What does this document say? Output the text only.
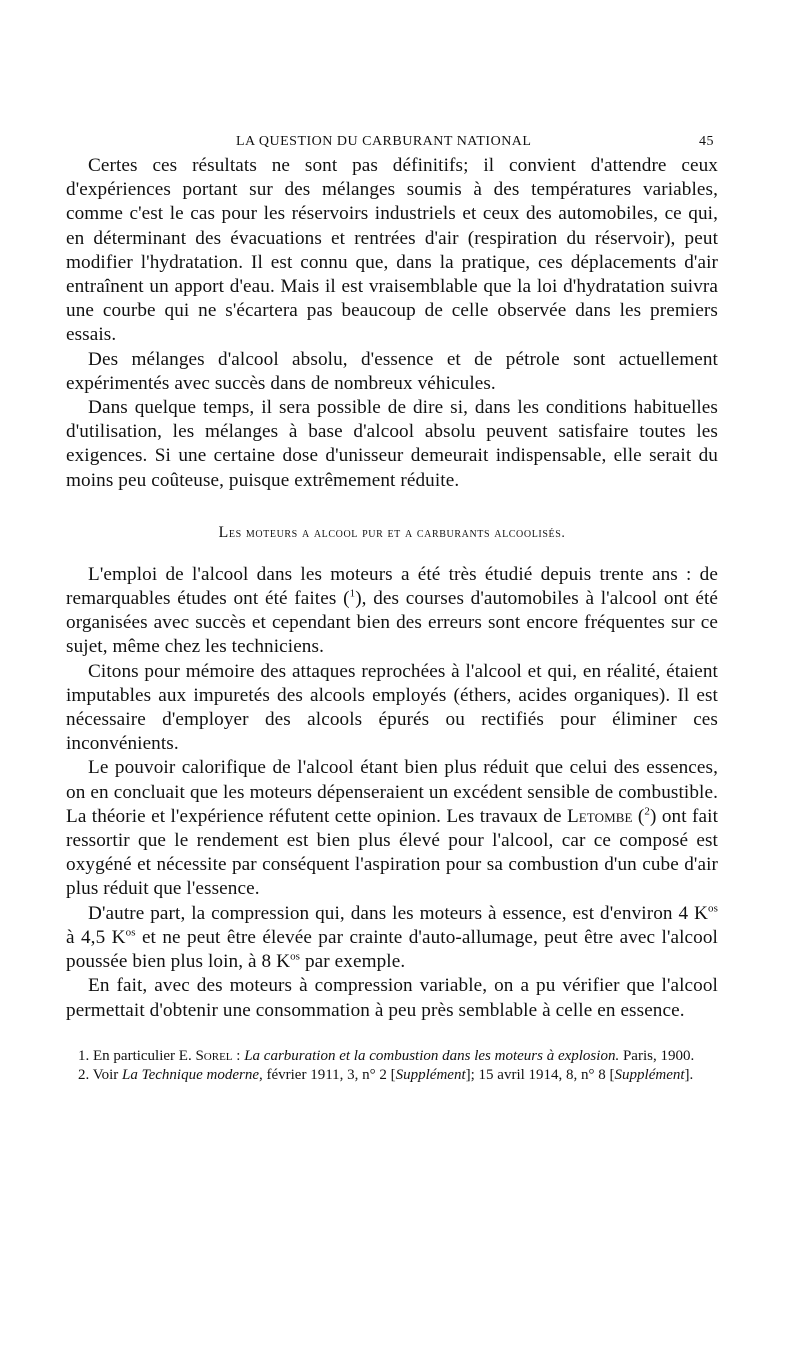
LA QUESTION DU CARBURANT NATIONAL	45

Certes ces résultats ne sont pas définitifs; il convient d'attendre ceux d'expériences portant sur des mélanges soumis à des températures variables, comme c'est le cas pour les réservoirs industriels et ceux des automobiles, ce qui, en déterminant des évacuations et rentrées d'air (respiration du réservoir), peut modifier l'hydratation. Il est connu que, dans la pratique, ces déplacements d'air entraînent un apport d'eau. Mais il est vraisemblable que la loi d'hydratation suivra une courbe qui ne s'écartera pas beaucoup de celle observée dans les premiers essais.

Des mélanges d'alcool absolu, d'essence et de pétrole sont actuellement expérimentés avec succès dans de nombreux véhicules.

Dans quelque temps, il sera possible de dire si, dans les conditions habituelles d'utilisation, les mélanges à base d'alcool absolu peuvent satisfaire toutes les exigences. Si une certaine dose d'unisseur demeurait indispensable, elle serait du moins peu coûteuse, puisque extrêmement réduite.

Les moteurs a alcool pur et a carburants alcoolisés.

L'emploi de l'alcool dans les moteurs a été très étudié depuis trente ans : de remarquables études ont été faites ($^1$), des courses d'automobiles à l'alcool ont été organisées avec succès et cependant bien des erreurs sont encore fréquentes sur ce sujet, même chez les techniciens.

Citons pour mémoire des attaques reprochées à l'alcool et qui, en réalité, étaient imputables aux impuretés des alcools employés (éthers, acides organiques). Il est nécessaire d'employer des alcools épurés ou rectifiés pour éliminer ces inconvénients.

Le pouvoir calorifique de l'alcool étant bien plus réduit que celui des essences, on en concluait que les moteurs dépenseraient un excédent sensible de combustible. La théorie et l'expérience réfutent cette opinion. Les travaux de Letombe ($^2$) ont fait ressortir que le rendement est bien plus élevé pour l'alcool, car ce composé est oxygéné et nécessite par conséquent l'aspiration pour sa combustion d'un cube d'air plus réduit que l'essence.

D'autre part, la compression qui, dans les moteurs à essence, est d'environ 4 $K^{os}$ à 4,5 $K^{os}$ et ne peut être élevée par crainte d'auto-allumage, peut être avec l'alcool poussée bien plus loin, à 8 $K^{os}$ par exemple.

En fait, avec des moteurs à compression variable, on a pu vérifier que l'alcool permettait d'obtenir une consommation à peu près semblable à celle en essence.

1. En particulier E. Sorel : La carburation et la combustion dans les moteurs à explosion. Paris, 1900.

2. Voir La Technique moderne, février 1911, 3, n° 2 [Supplément]; 15 avril 1914, 8, n° 8 [Supplément].
